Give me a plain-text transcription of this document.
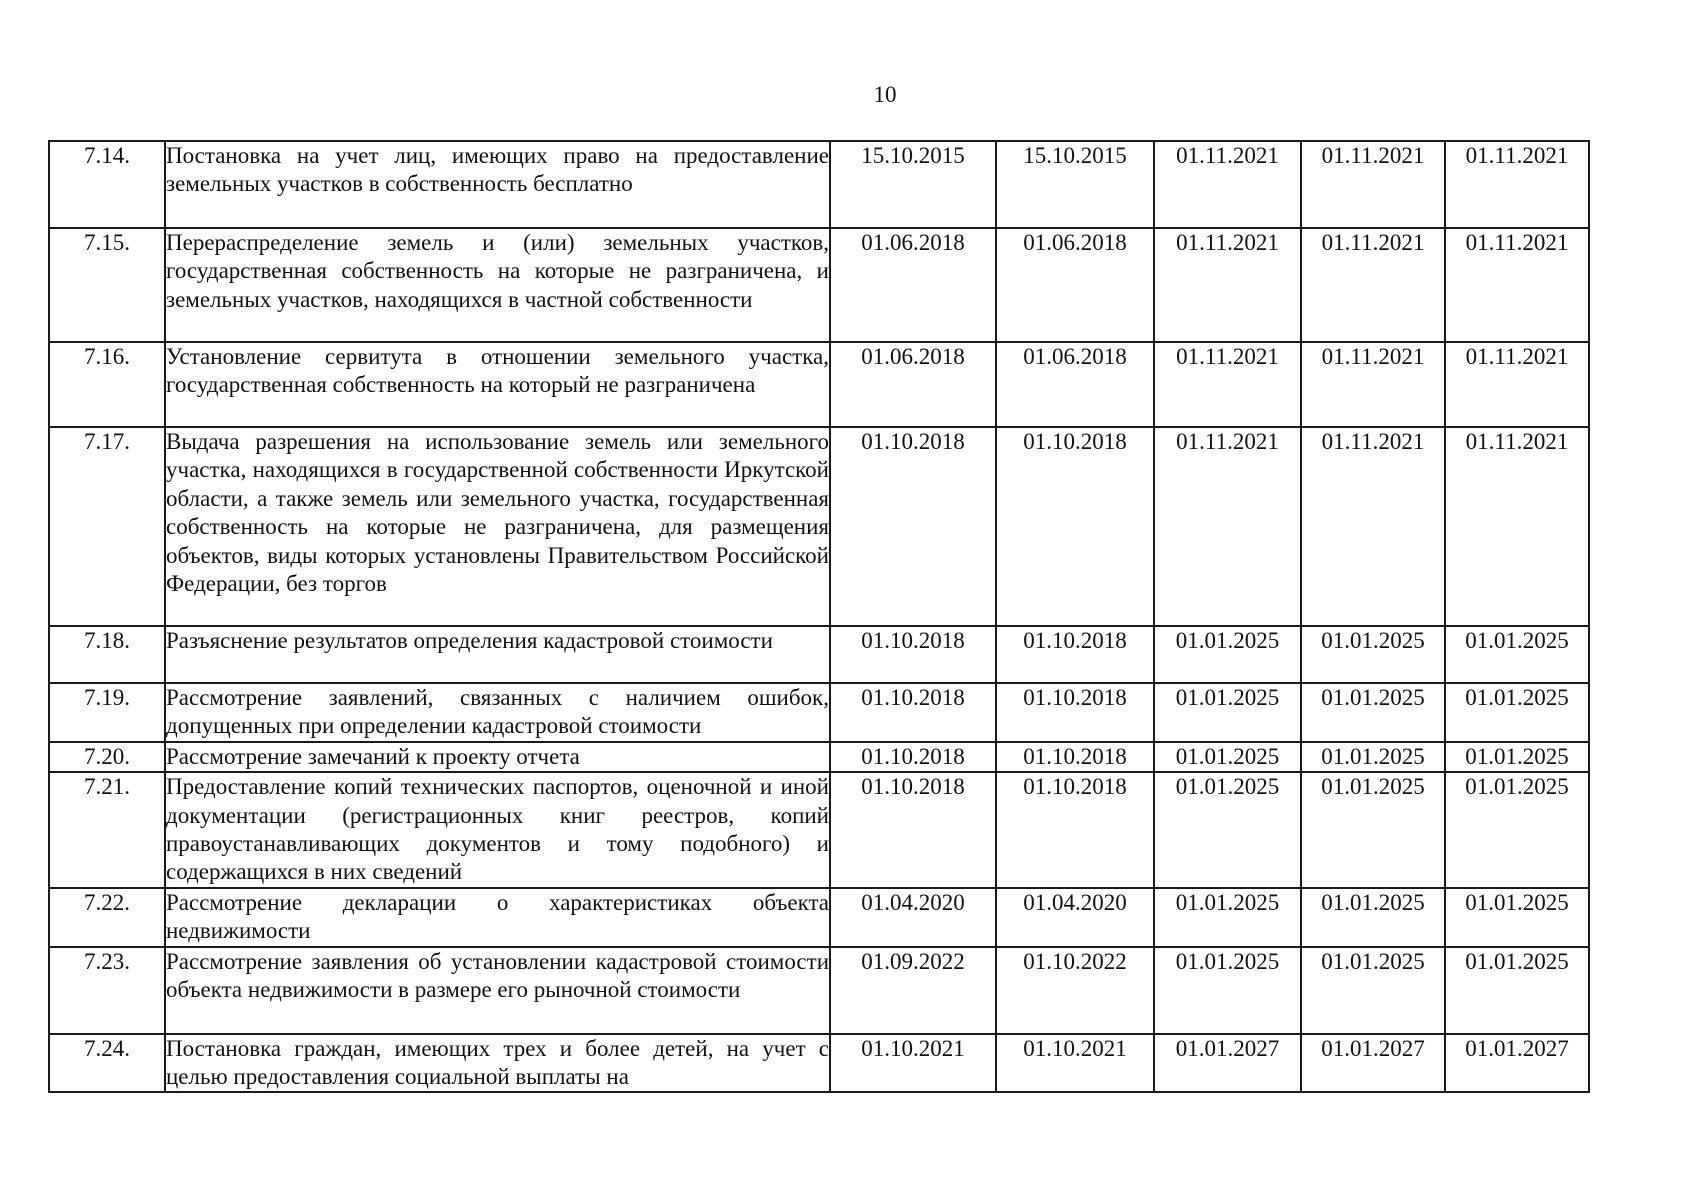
10
7.14.	Постановка на учет лиц, имеющих право на предоставление земельных участков в собственность бесплатно	15.10.2015	15.10.2015	01.11.2021	01.11.2021	01.11.2021
7.15.	Перераспределение земель и (или) земельных участков, государственная собственность на которые не разграничена, и земельных участков, находящихся в частной собственности	01.06.2018	01.06.2018	01.11.2021	01.11.2021	01.11.2021
7.16.	Установление сервитута в отношении земельного участка, государственная собственность на который не разграничена	01.06.2018	01.06.2018	01.11.2021	01.11.2021	01.11.2021
7.17.	Выдача разрешения на использование земель или земельного участка, находящихся в государственной собственности Иркутской области, а также земель или земельного участка, государственная собственность на которые не разграничена, для размещения объектов, виды которых установлены Правительством Российской Федерации, без торгов	01.10.2018	01.10.2018	01.11.2021	01.11.2021	01.11.2021
7.18.	Разъяснение результатов определения кадастровой стоимости	01.10.2018	01.10.2018	01.01.2025	01.01.2025	01.01.2025
7.19.	Рассмотрение заявлений, связанных с наличием ошибок, допущенных при определении кадастровой стоимости	01.10.2018	01.10.2018	01.01.2025	01.01.2025	01.01.2025
7.20.	Рассмотрение замечаний к проекту отчета	01.10.2018	01.10.2018	01.01.2025	01.01.2025	01.01.2025
7.21.	Предоставление копий технических паспортов, оценочной и иной документации (регистрационных книг реестров, копий правоустанавливающих документов и тому подобного) и содержащихся в них сведений	01.10.2018	01.10.2018	01.01.2025	01.01.2025	01.01.2025
7.22.	Рассмотрение декларации о характеристиках объекта недвижимости	01.04.2020	01.04.2020	01.01.2025	01.01.2025	01.01.2025
7.23.	Рассмотрение заявления об установлении кадастровой стоимости объекта недвижимости в размере его рыночной стоимости	01.09.2022	01.10.2022	01.01.2025	01.01.2025	01.01.2025
7.24.	Постановка граждан, имеющих трех и более детей, на учет с целью предоставления социальной выплаты на	01.10.2021	01.10.2021	01.01.2027	01.01.2027	01.01.2027
